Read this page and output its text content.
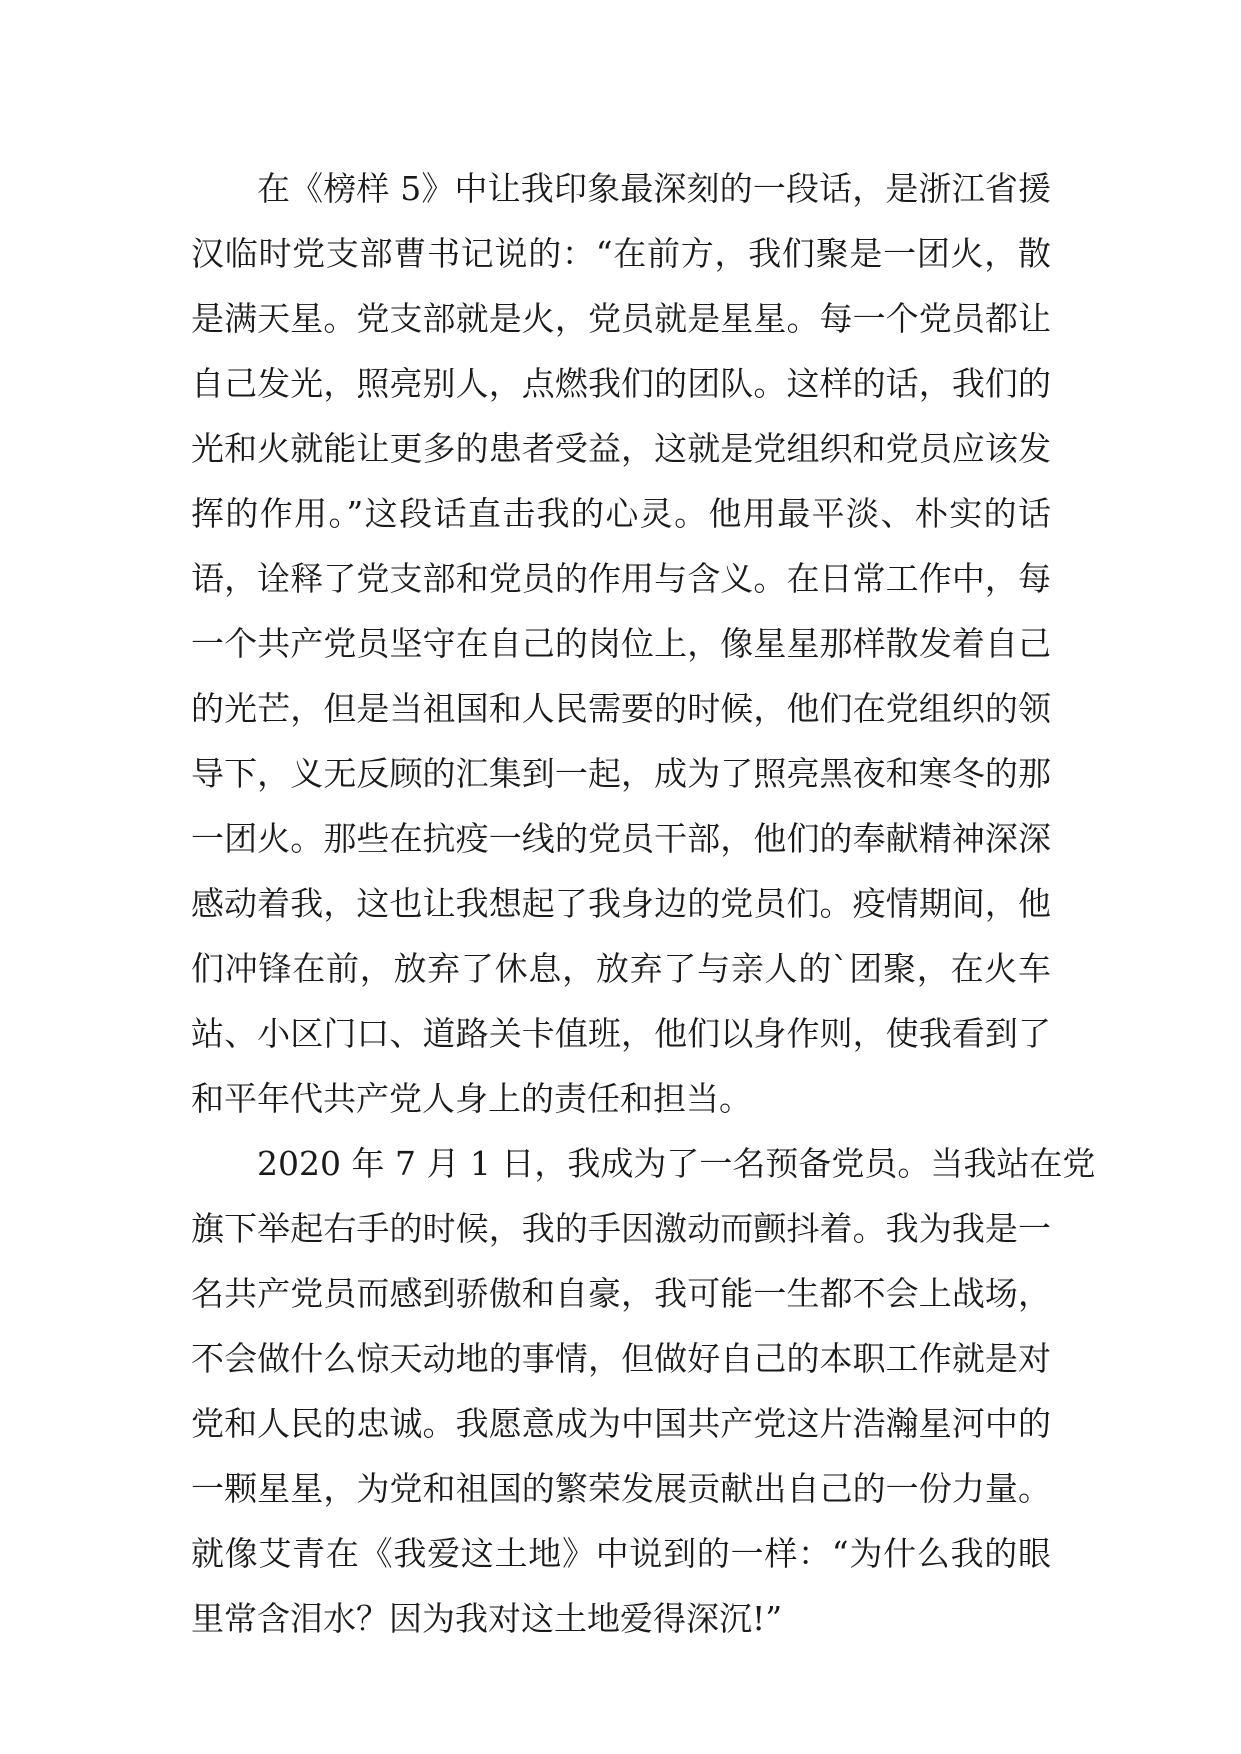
在《榜样 5》中让我印象最深刻的一段话，是浙江省援
汉临时党支部曹书记说的：“在前方，我们聚是一团火，散
是满天星。党支部就是火，党员就是星星。每一个党员都让
自己发光，照亮别人，点燃我们的团队。这样的话，我们的
光和火就能让更多的患者受益，这就是党组织和党员应该发
挥的作用。”这段话直击我的心灵。他用最平淡、朴实的话
语，诠释了党支部和党员的作用与含义。在日常工作中，每
一个共产党员坚守在自己的岗位上，像星星那样散发着自己
的光芒，但是当祖国和人民需要的时候，他们在党组织的领
导下，义无反顾的汇集到一起，成为了照亮黑夜和寒冬的那
一团火。那些在抗疫一线的党员干部，他们的奉献精神深深
感动着我，这也让我想起了我身边的党员们。疫情期间，他
们冲锋在前，放弃了休息，放弃了与亲人的`团聚，在火车
站、小区门口、道路关卡值班，他们以身作则，使我看到了
和平年代共产党人身上的责任和担当。
2020 年 7 月 1 日，我成为了一名预备党员。当我站在党
旗下举起右手的时候，我的手因激动而颤抖着。我为我是一
名共产党员而感到骄傲和自豪，我可能一生都不会上战场，
不会做什么惊天动地的事情，但做好自己的本职工作就是对
党和人民的忠诚。我愿意成为中国共产党这片浩瀚星河中的
一颗星星，为党和祖国的繁荣发展贡献出自己的一份力量。
就像艾青在《我爱这土地》中说到的一样：“为什么我的眼
里常含泪水？因为我对这土地爱得深沉!”
